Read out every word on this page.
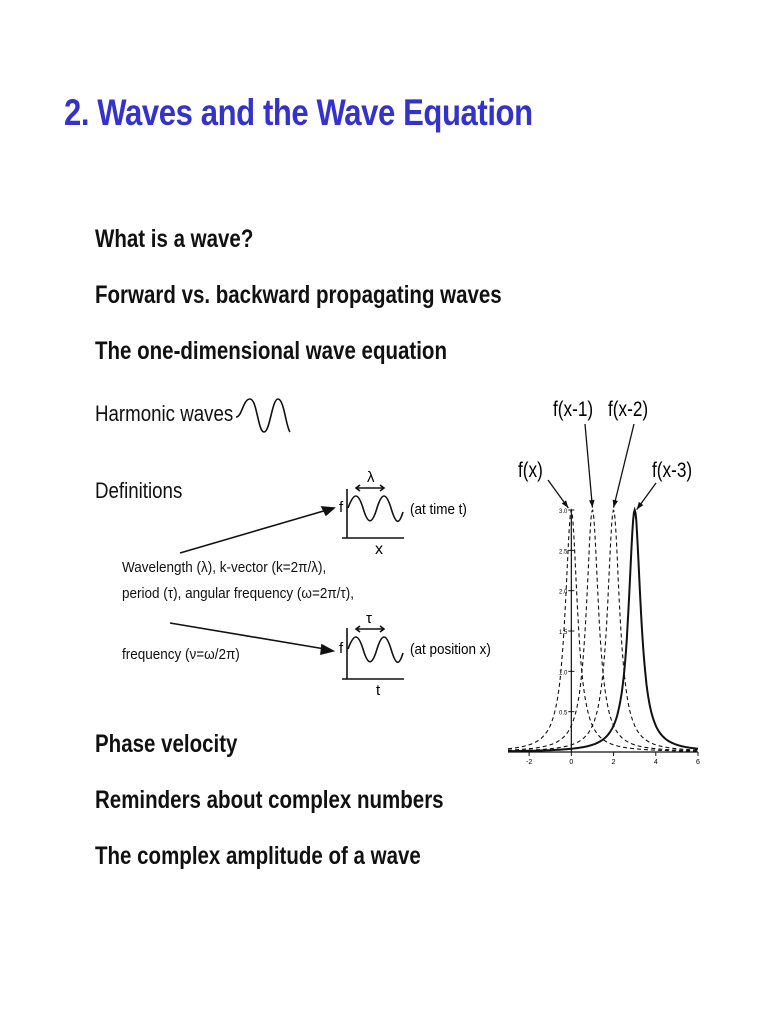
2. Waves and the Wave Equation

What is a wave?

Forward vs. backward propagating waves

The one-dimensional wave equation

Harmonic waves

Definitions

Phase velocity

Reminders about complex numbers

The complex amplitude of a wave

Wavelength (λ), k-vector (k=2π/λ),

period (τ), angular frequency (ω=2π/τ),

frequency (ν=ω/2π)

f
λ
x
(at time t)
f
τ
t
(at position x)
3.0
2.5
2.0
1.5
1.0
0.5
-2	0	2	4	6
f(x)
f(x-1) f(x-2)
f(x-3)
